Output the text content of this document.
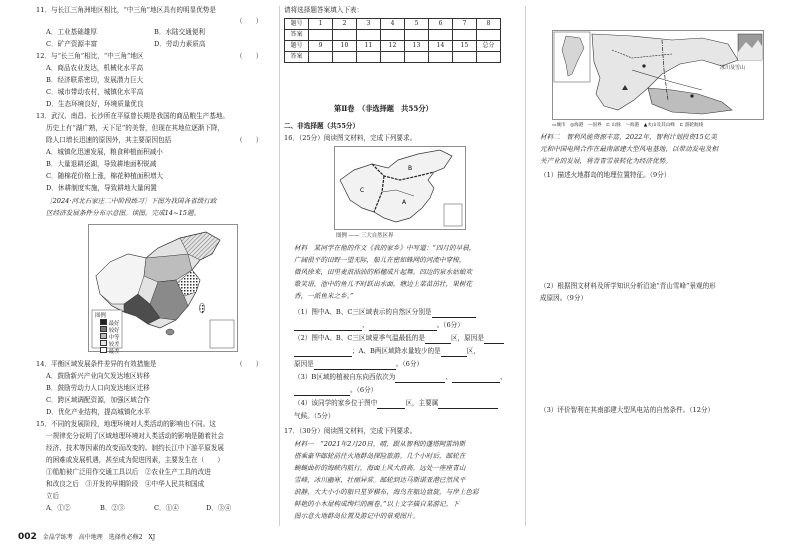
11．与长江三角洲地区相比，“中三角”地区具有的明显优势是
（　　）
A．工业基础雄厚	B．水陆交通便利
C．矿产资源丰富	D．劳动力素质高
12．与“长三角”相比，“中三角”地区	（　　）
A．商品农业发达，机械化水平高
B．经济联系密切，发展潜力巨大
C．城市带动农村，城镇化水平高
D．生态环境良好，环境质量优良
13．武汉、南昌、长沙所在平原曾长期是我国的商品粮生产基地。
历史上有“湖广熟，天下足”的美誉，但现在其地位逐渐下降，
除人口增长迅速的原因外，其主要原因包括	（　　）
A．城镇化迅速发展，粮食种植面积减小
B．大量退耕还湖，导致耕地面积锐减
C．随棉花价格上涨，棉花种植面积增大
D．休耕制度实施，导致耕地大量闲置
［2024·河北石家庄二中阶段练习］下图为我国各省级行政
区经济发展条件分布示意图。读图，完成14~15题。
图例
最好
较好
中等
较差
最差
14．平衡区域发展条件差异的有效措施是	（　　）
A．鼓励新兴产业向欠发达地区转移
B．鼓励劳动力人口向发达地区迁移
C．跨区域调配资源，加强区域合作
D．优化产业结构，提高城镇化水平
15．不同的发展阶段，地理环境对人类活动的影响也不同。这
一规律充分说明了区域地理环境对人类活动的影响是随着社会
经济、技术等因素的改变而改变的。制约长江中下游平原发展
的困难或发展机遇，甚至成为促进因素，主要发生在（　　）
①船舶被广泛用作交通工具以后　②农业生产工具的改进
和改良之后　③开发的早期阶段　④中华人民共和国成
立后
A．①②	B．②③	C．①④	D．③④
请将选择题答案填入下表：
题号	1	2	3	4	5	6	7	8
答案								
题号	9	10	11	12	13	14	15	总分
答案								
第Ⅱ卷　（非选择题　共55分）
二、非选择题（共55分）
16．（25分）阅读图文材料，完成下列要求。
B
C
A
图例 —— 三大自然区界
材料　某同学在他的作文《我的家乡》中写道：“四月的早晨，
广阔很平的田野一望无际，船儿在密如蛛网的河流中穿梭，
微风徐来，田里麦浪油油的稻穗成片起舞。四边的泉水姑娘欢
歌笑语，池中的鱼儿不时跃出水面，塘边上菜苗茁壮，果树花
香，一派鱼米之乡。”
（1）图中A、B、C三区域表示的自然区分别是
、	。（6分）
（2）图中A、B、C三区域夏季气温最低的是	区，原因是
；A、B两区域降水量较少的是	区，
原因是	。（6分）
（3）B区域的植被自东向西依次为	、	、
。（6分）
（4）该同学的家乡位于图中	区，主要属
气候。（5分）
17．（30分）阅读图文材料，完成下列要求。
材料一　“2021年2月20日，晴，跟从智利的蓬塔阿雷纳斯
搭乘豪华邮轮前往火地群岛探险旅游。几个小时后，邮轮在
蜿蜒曲折的海峡内航行，海面上风大浪高。远处一座座青山
雪峰，冰川幽寒，壮丽异常。邮轮到达马斯诺亚港已然风平
浪静，大大小小的船只星罗棋布，海鸟在船边盘旋，与岸上色彩
鲜艳的小木屋构成绚烂的画卷。”以上文字描自某游记。下
图示意火地群岛位置及游记中的景观图片。
冰川及雪山
▭城市　◎海港　—国界　⊏ 山脉　～海港　▲火山及其山峰　⊏ 游轮航线
材料二　智利风能资源丰富，2022年，智利计划投资15亿美
元和中国电网合作在最南部建大型风电基地，以带动发电及相
关产业的发展，将背青雪景转化为经济优势。
（1）描述火地群岛的地理位置特征。（9分）
（2）根据图文材料及所学知识分析沿途“青山雪峰”景观的形
成原因。（9分）
（3）评价智利在其南部建大型风电站的自然条件。（12分）
002 金晶学练考　高中地理　选择性必修2　XJ
